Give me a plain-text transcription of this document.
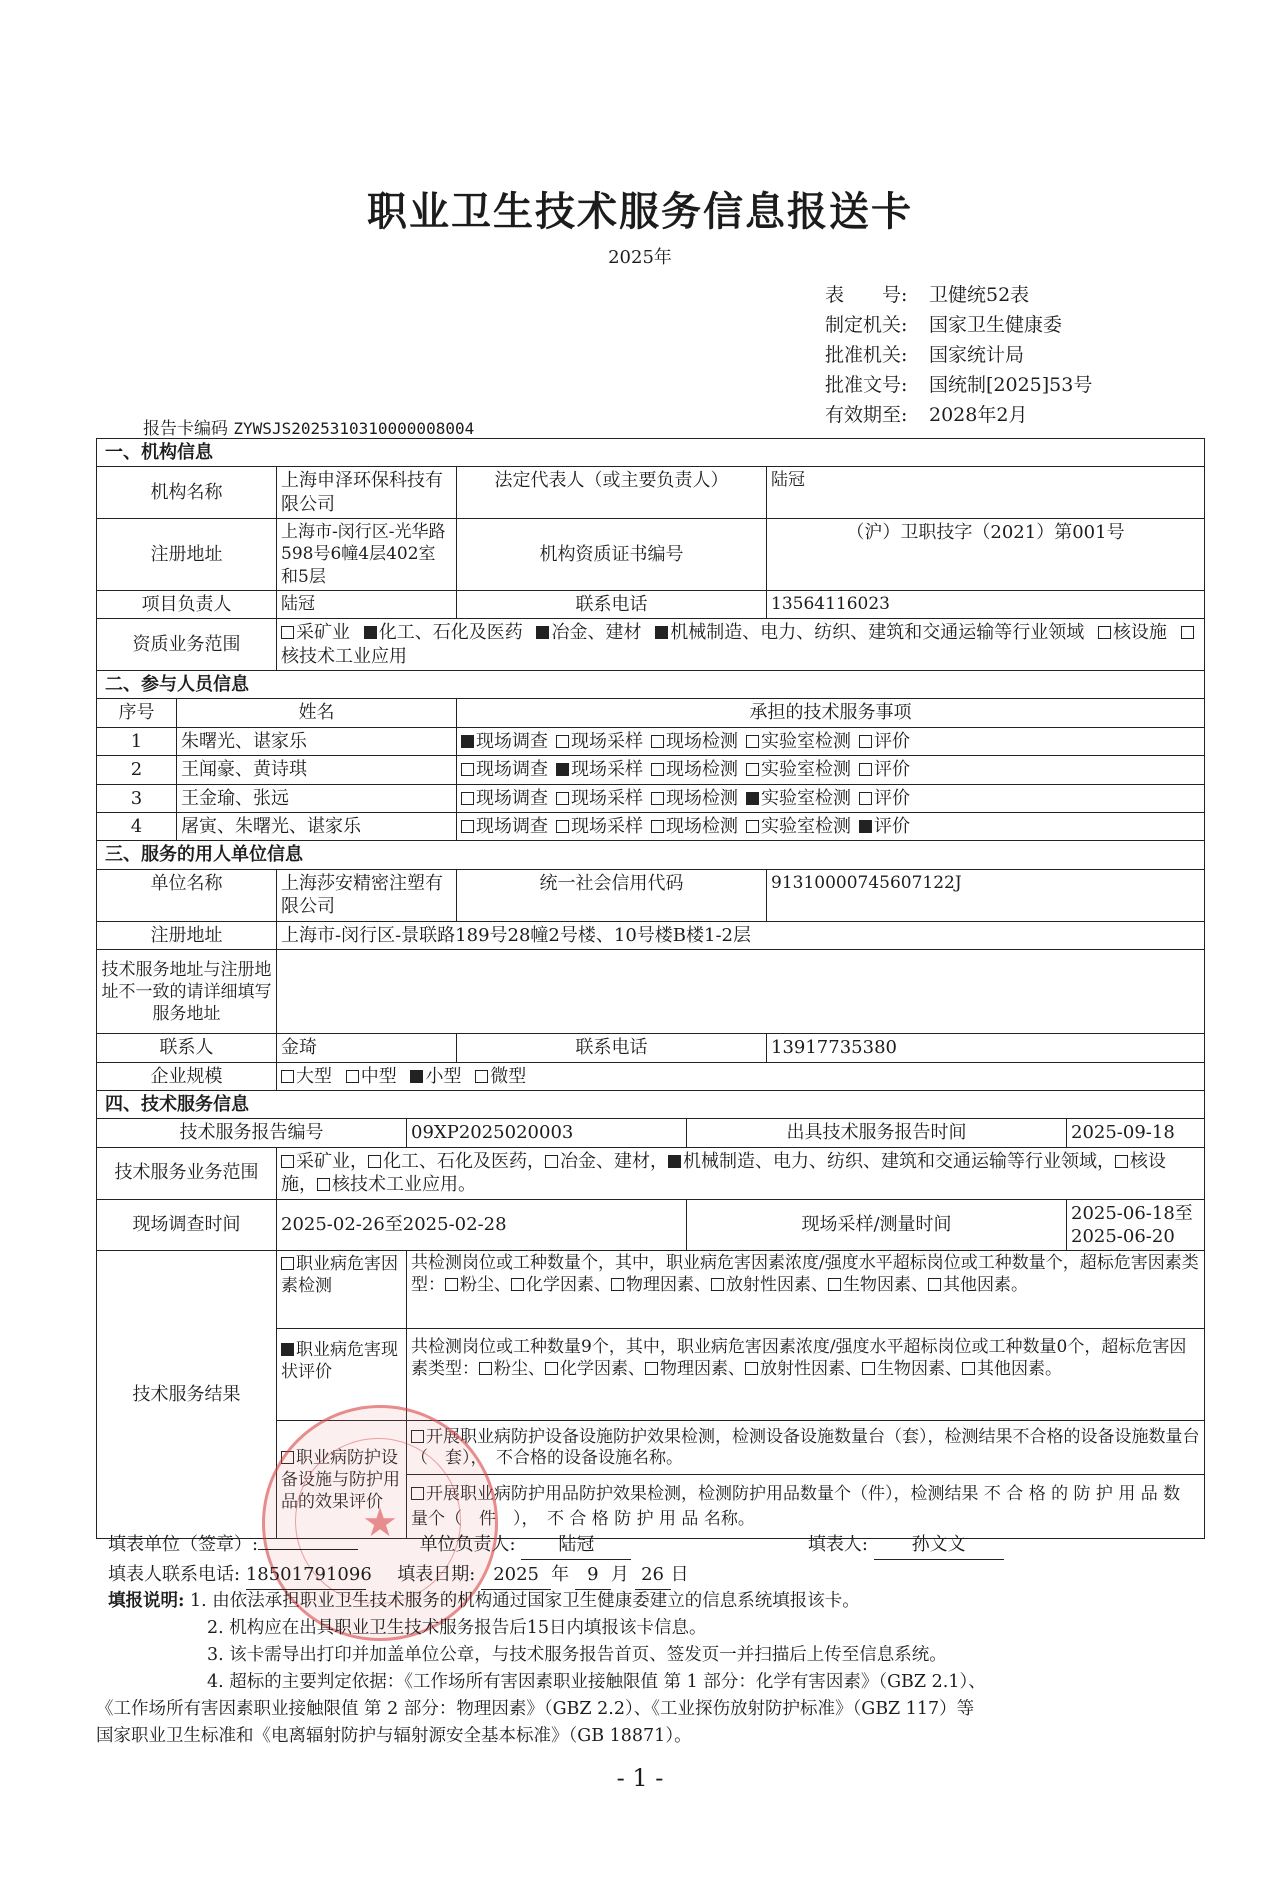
职业卫生技术服务信息报送卡
2025年
表　　号: 卫健统52表
制定机关: 国家卫生健康委
批准机关: 国家统计局
批准文号: 国统制[2025]53号
有效期至: 2028年2月
报告卡编码 ZYWSJS2025310310000008004
一、机构信息							
机构名称		上海申泽环保科技有限公司		法定代表人（或主要负责人）		陆冠	
注册地址		上海市-闵行区-光华路598号6幢4层402室和5层		机构资质证书编号		（沪）卫职技字（2021）第001号	
项目负责人		陆冠		联系电话		13564116023	
资质业务范围		采矿业 化工、石化及医药 冶金、建材 机械制造、电力、纺织、建筑和交通运输等行业领域 核设施 核技术工业应用					
二、参与人员信息							
序号	姓名			承担的技术服务事项			
1	朱曙光、谌家乐			现场调查 现场采样 现场检测 实验室检测 评价			
2	王闻豪、黄诗琪			现场调查 现场采样 现场检测 实验室检测 评价			
3	王金瑜、张远			现场调查 现场采样 现场检测 实验室检测 评价			
4	屠寅、朱曙光、谌家乐			现场调查 现场采样 现场检测 实验室检测 评价			
三、服务的用人单位信息							
单位名称		上海莎安精密注塑有限公司		统一社会信用代码		91310000745607122J	
注册地址		上海市-闵行区-景联路189号28幢2号楼、10号楼B楼1-2层					
技术服务地址与注册地址不一致的请详细填写服务地址							
联系人		金琦		联系电话		13917735380	
企业规模		大型 中型 小型 微型					
四、技术服务信息							
技术服务报告编号			09XP2025020003		出具技术服务报告时间		2025-09-18
技术服务业务范围		采矿业， 化工、石化及医药， 冶金、建材， 机械制造、电力、纺织、建筑和交通运输等行业领域， 核设施， 核技术工业应用。					
现场调查时间		2025-02-26至2025-02-28			现场采样/测量时间		2025-06-18至2025-06-20
技术服务结果		职业病危害因素检测	共检测岗位或工种数量个，其中，职业病危害因素浓度/强度水平超标岗位或工种数量个，超标危害因素类型： 粉尘、 化学因素、 物理因素、 放射性因素、 生物因素、 其他因素。				
		职业病危害现状评价	共检测岗位或工种数量9个，其中，职业病危害因素浓度/强度水平超标岗位或工种数量0个，超标危害因素类型： 粉尘、 化学因素、 物理因素、 放射性因素、 生物因素、 其他因素。				
		职业病防护设备设施与防护用品的效果评价	开展职业病防护设备设施防护效果检测，检测设备设施数量台（套），检测结果不合格的设备设施数量台（　套），　不合格的设备设施名称。				
			开展职业病防护用品防护效果检测，检测防护用品数量个（件），检测结果 不 合 格 的 防 护 用 品 数 量个（　件　），　不 合 格 防 护 用 品 名称。				
★
填表单位（签章）:	单位负责人: 陆冠	填表人: 孙文文
填表人联系电话: 18501791096 填表日期: 2025 年 9 月 26 日
填报说明: 1. 由依法承担职业卫生技术服务的机构通过国家卫生健康委建立的信息系统填报该卡。
2. 机构应在出具职业卫生技术服务报告后15日内填报该卡信息。
3. 该卡需导出打印并加盖单位公章，与技术服务报告首页、签发页一并扫描后上传至信息系统。
4. 超标的主要判定依据：《工作场所有害因素职业接触限值 第 1 部分：化学有害因素》（GBZ 2.1）、
《工作场所有害因素职业接触限值 第 2 部分：物理因素》（GBZ 2.2）、《工业探伤放射防护标准》（GBZ 117）等
国家职业卫生标准和《电离辐射防护与辐射源安全基本标准》（GB 18871）。
- 1 -
